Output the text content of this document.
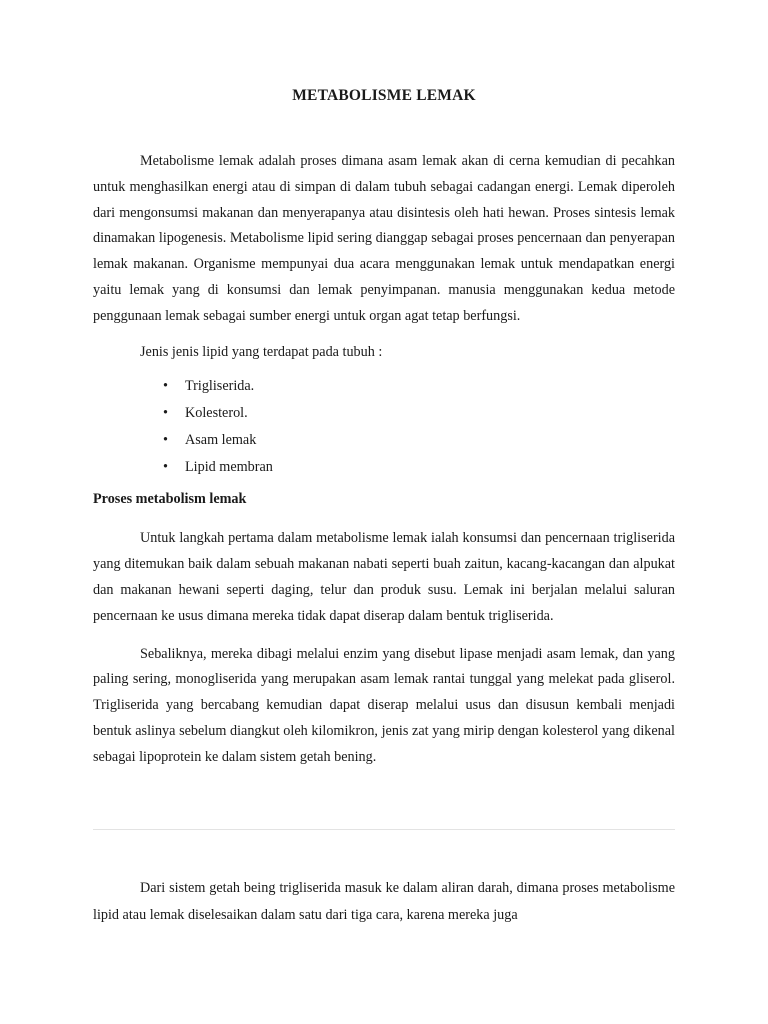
METABOLISME LEMAK

Metabolisme lemak adalah proses dimana asam lemak akan di cerna kemudian di pecahkan untuk menghasilkan energi atau di simpan di dalam tubuh sebagai cadangan energi. Lemak diperoleh dari mengonsumsi makanan dan menyerapanya atau disintesis oleh hati hewan. Proses sintesis lemak dinamakan lipogenesis. Metabolisme lipid sering dianggap sebagai proses pencernaan dan penyerapan lemak makanan. Organisme mempunyai dua acara menggunakan lemak untuk mendapatkan energi yaitu lemak yang di konsumsi dan lemak penyimpanan. manusia menggunakan kedua metode penggunaan lemak sebagai sumber energi untuk organ agat tetap berfungsi.

Jenis jenis lipid yang terdapat pada tubuh :

• Trigliserida.
• Kolesterol.
• Asam lemak
• Lipid membran
Proses metabolism lemak

Untuk langkah pertama dalam metabolisme lemak ialah konsumsi dan pencernaan trigliserida yang ditemukan baik dalam sebuah makanan nabati seperti buah zaitun, kacang-kacangan dan alpukat dan makanan hewani seperti daging, telur dan produk susu. Lemak ini berjalan melalui saluran pencernaan ke usus dimana mereka tidak dapat diserap dalam bentuk trigliserida.

Sebaliknya, mereka dibagi melalui enzim yang disebut lipase menjadi asam lemak, dan yang paling sering, monogliserida yang merupakan asam lemak rantai tunggal yang melekat pada gliserol. Trigliserida yang bercabang kemudian dapat diserap melalui usus dan disusun kembali menjadi bentuk aslinya sebelum diangkut oleh kilomikron, jenis zat yang mirip dengan kolesterol yang dikenal sebagai lipoprotein ke dalam sistem getah bening.

Dari sistem getah being trigliserida masuk ke dalam aliran darah, dimana proses metabolisme lipid atau lemak diselesaikan dalam satu dari tiga cara, karena mereka juga
